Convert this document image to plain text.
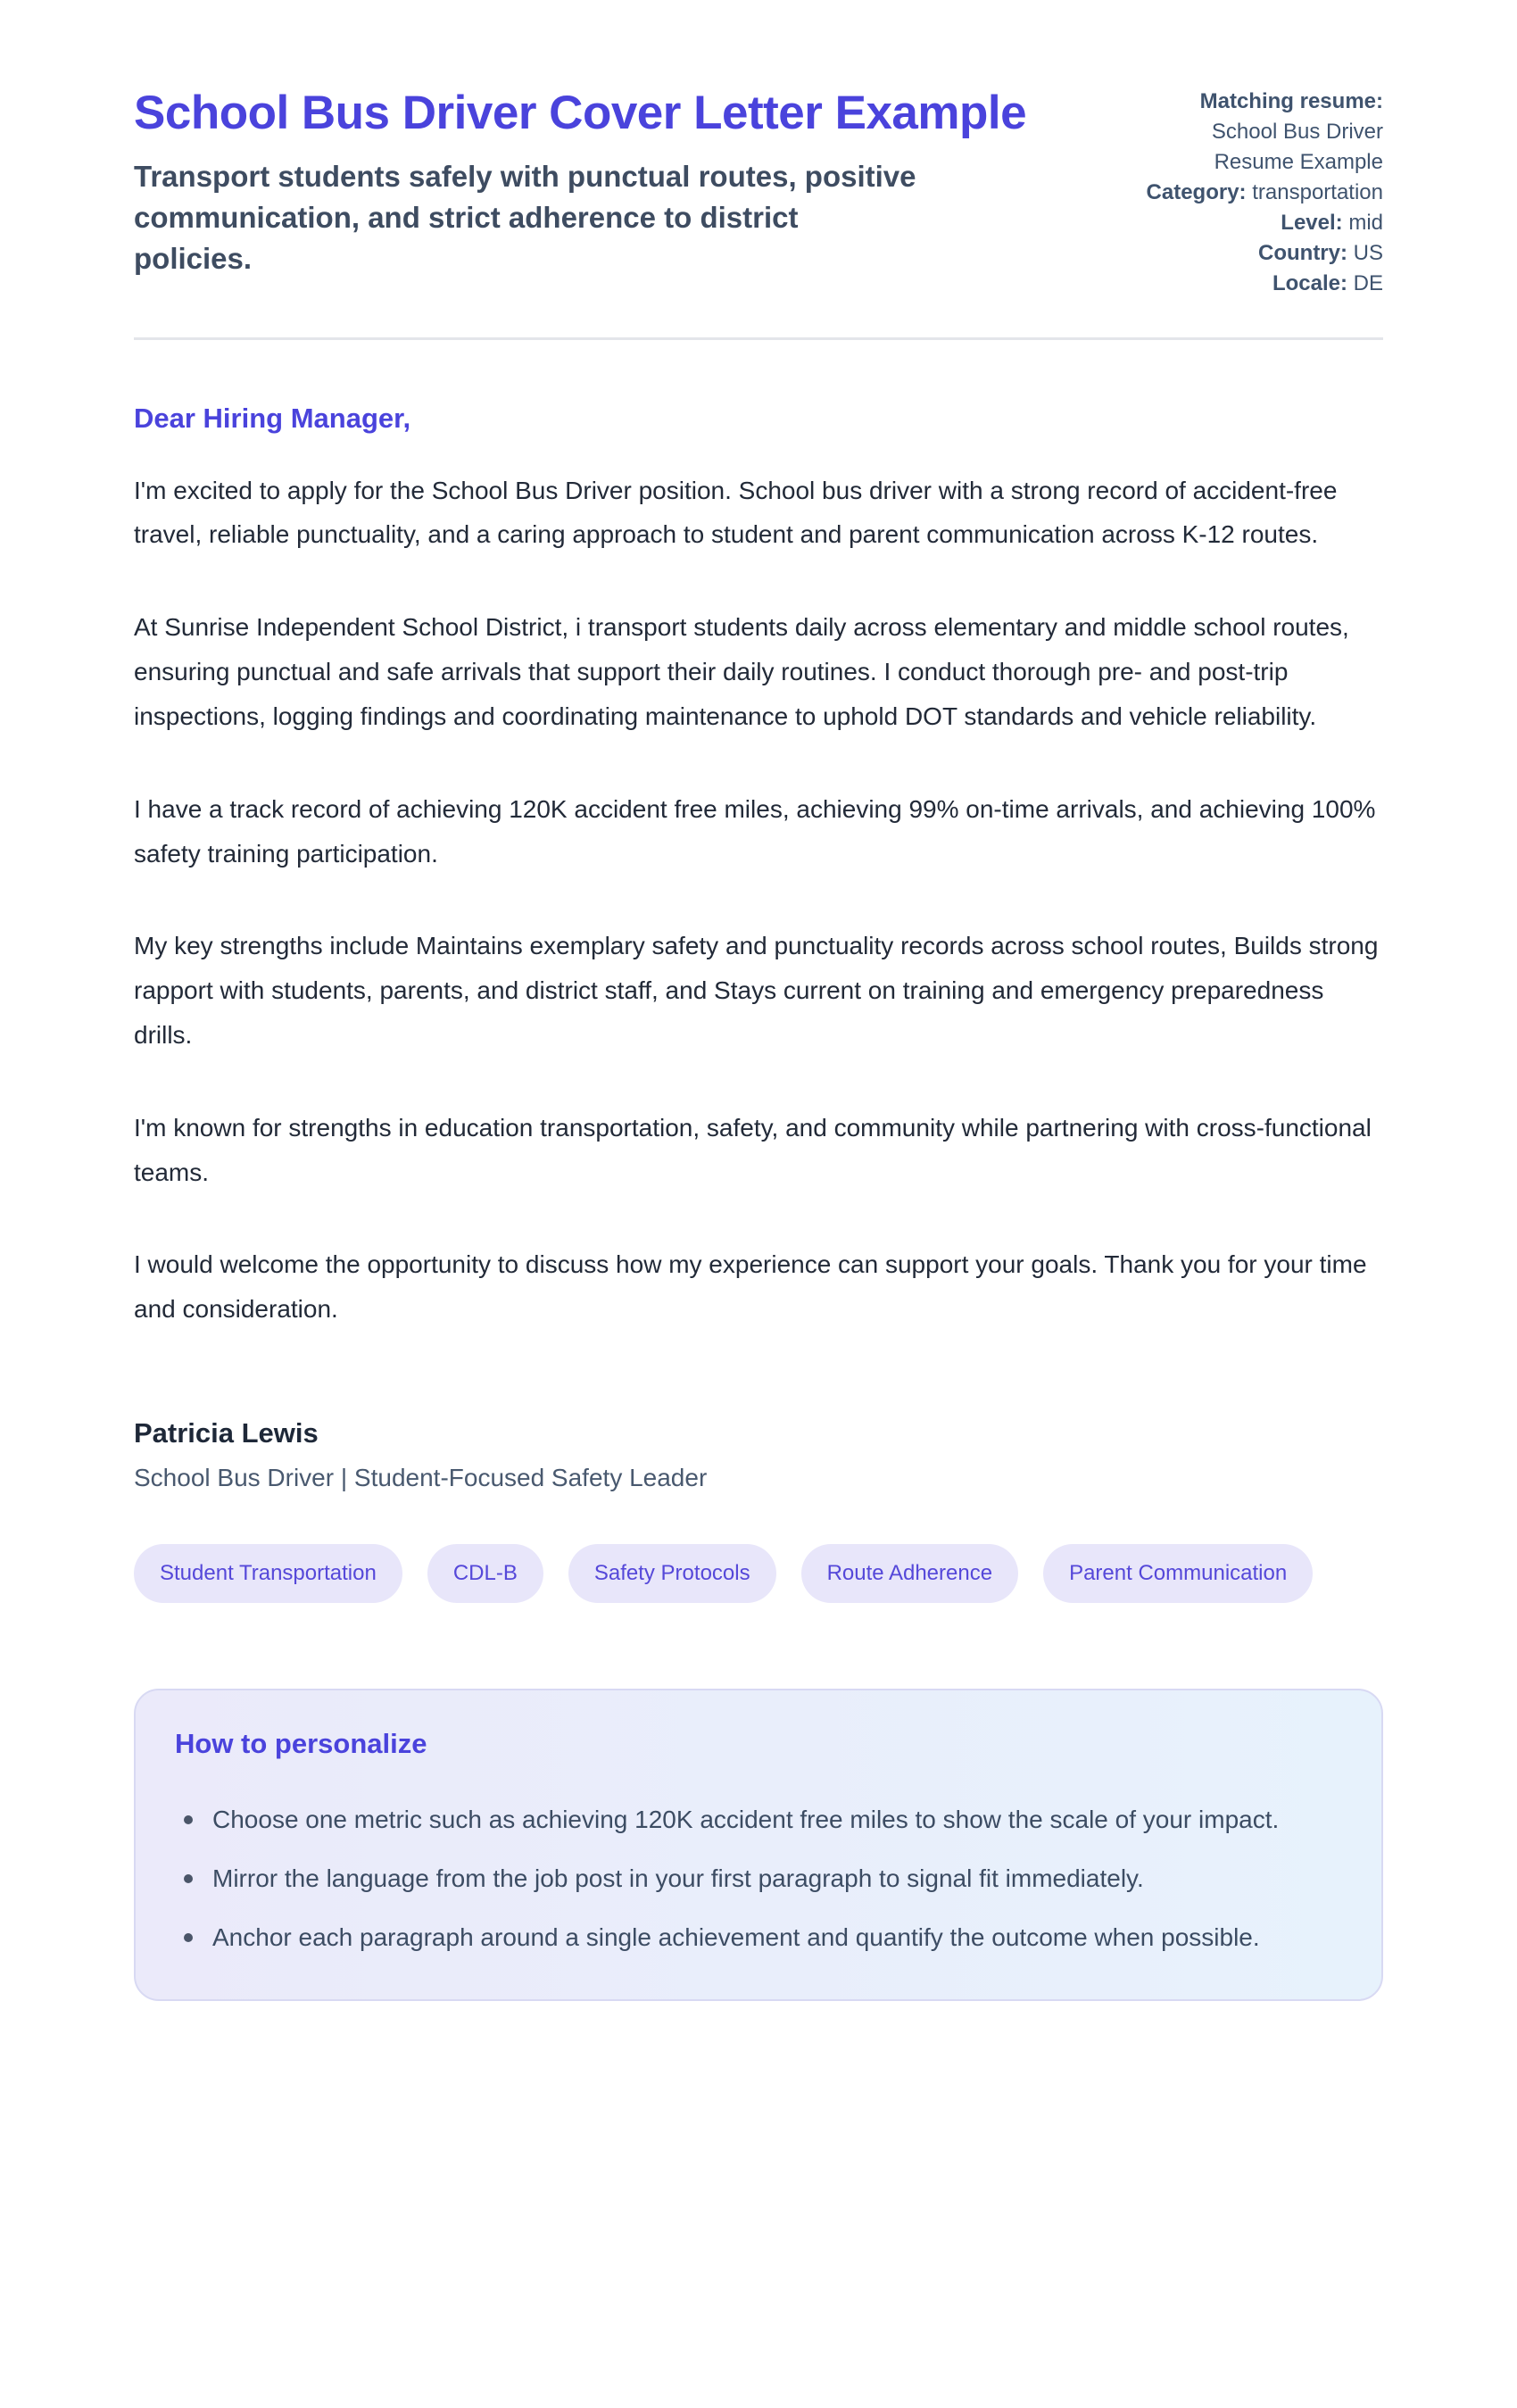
School Bus Driver Cover Letter Example

Transport students safely with punctual routes, positive communication, and strict adherence to district policies.

Matching resume: School Bus Driver Resume Example
Category: transportation
Level: mid
Country: US
Locale: DE

Dear Hiring Manager,

I'm excited to apply for the School Bus Driver position. School bus driver with a strong record of accident-free travel, reliable punctuality, and a caring approach to student and parent communication across K-12 routes.

At Sunrise Independent School District, i transport students daily across elementary and middle school routes, ensuring punctual and safe arrivals that support their daily routines. I conduct thorough pre- and post-trip inspections, logging findings and coordinating maintenance to uphold DOT standards and vehicle reliability.

I have a track record of achieving 120K accident free miles, achieving 99% on-time arrivals, and achieving 100% safety training participation.

My key strengths include Maintains exemplary safety and punctuality records across school routes, Builds strong rapport with students, parents, and district staff, and Stays current on training and emergency preparedness drills.

I'm known for strengths in education transportation, safety, and community while partnering with cross-functional teams.

I would welcome the opportunity to discuss how my experience can support your goals. Thank you for your time and consideration.

Patricia Lewis

School Bus Driver | Student-Focused Safety Leader

Student Transportation	CDL-B	Safety Protocols	Route Adherence	Parent Communication
How to personalize
Choose one metric such as achieving 120K accident free miles to show the scale of your impact.
Mirror the language from the job post in your first paragraph to signal fit immediately.
Anchor each paragraph around a single achievement and quantify the outcome when possible.
